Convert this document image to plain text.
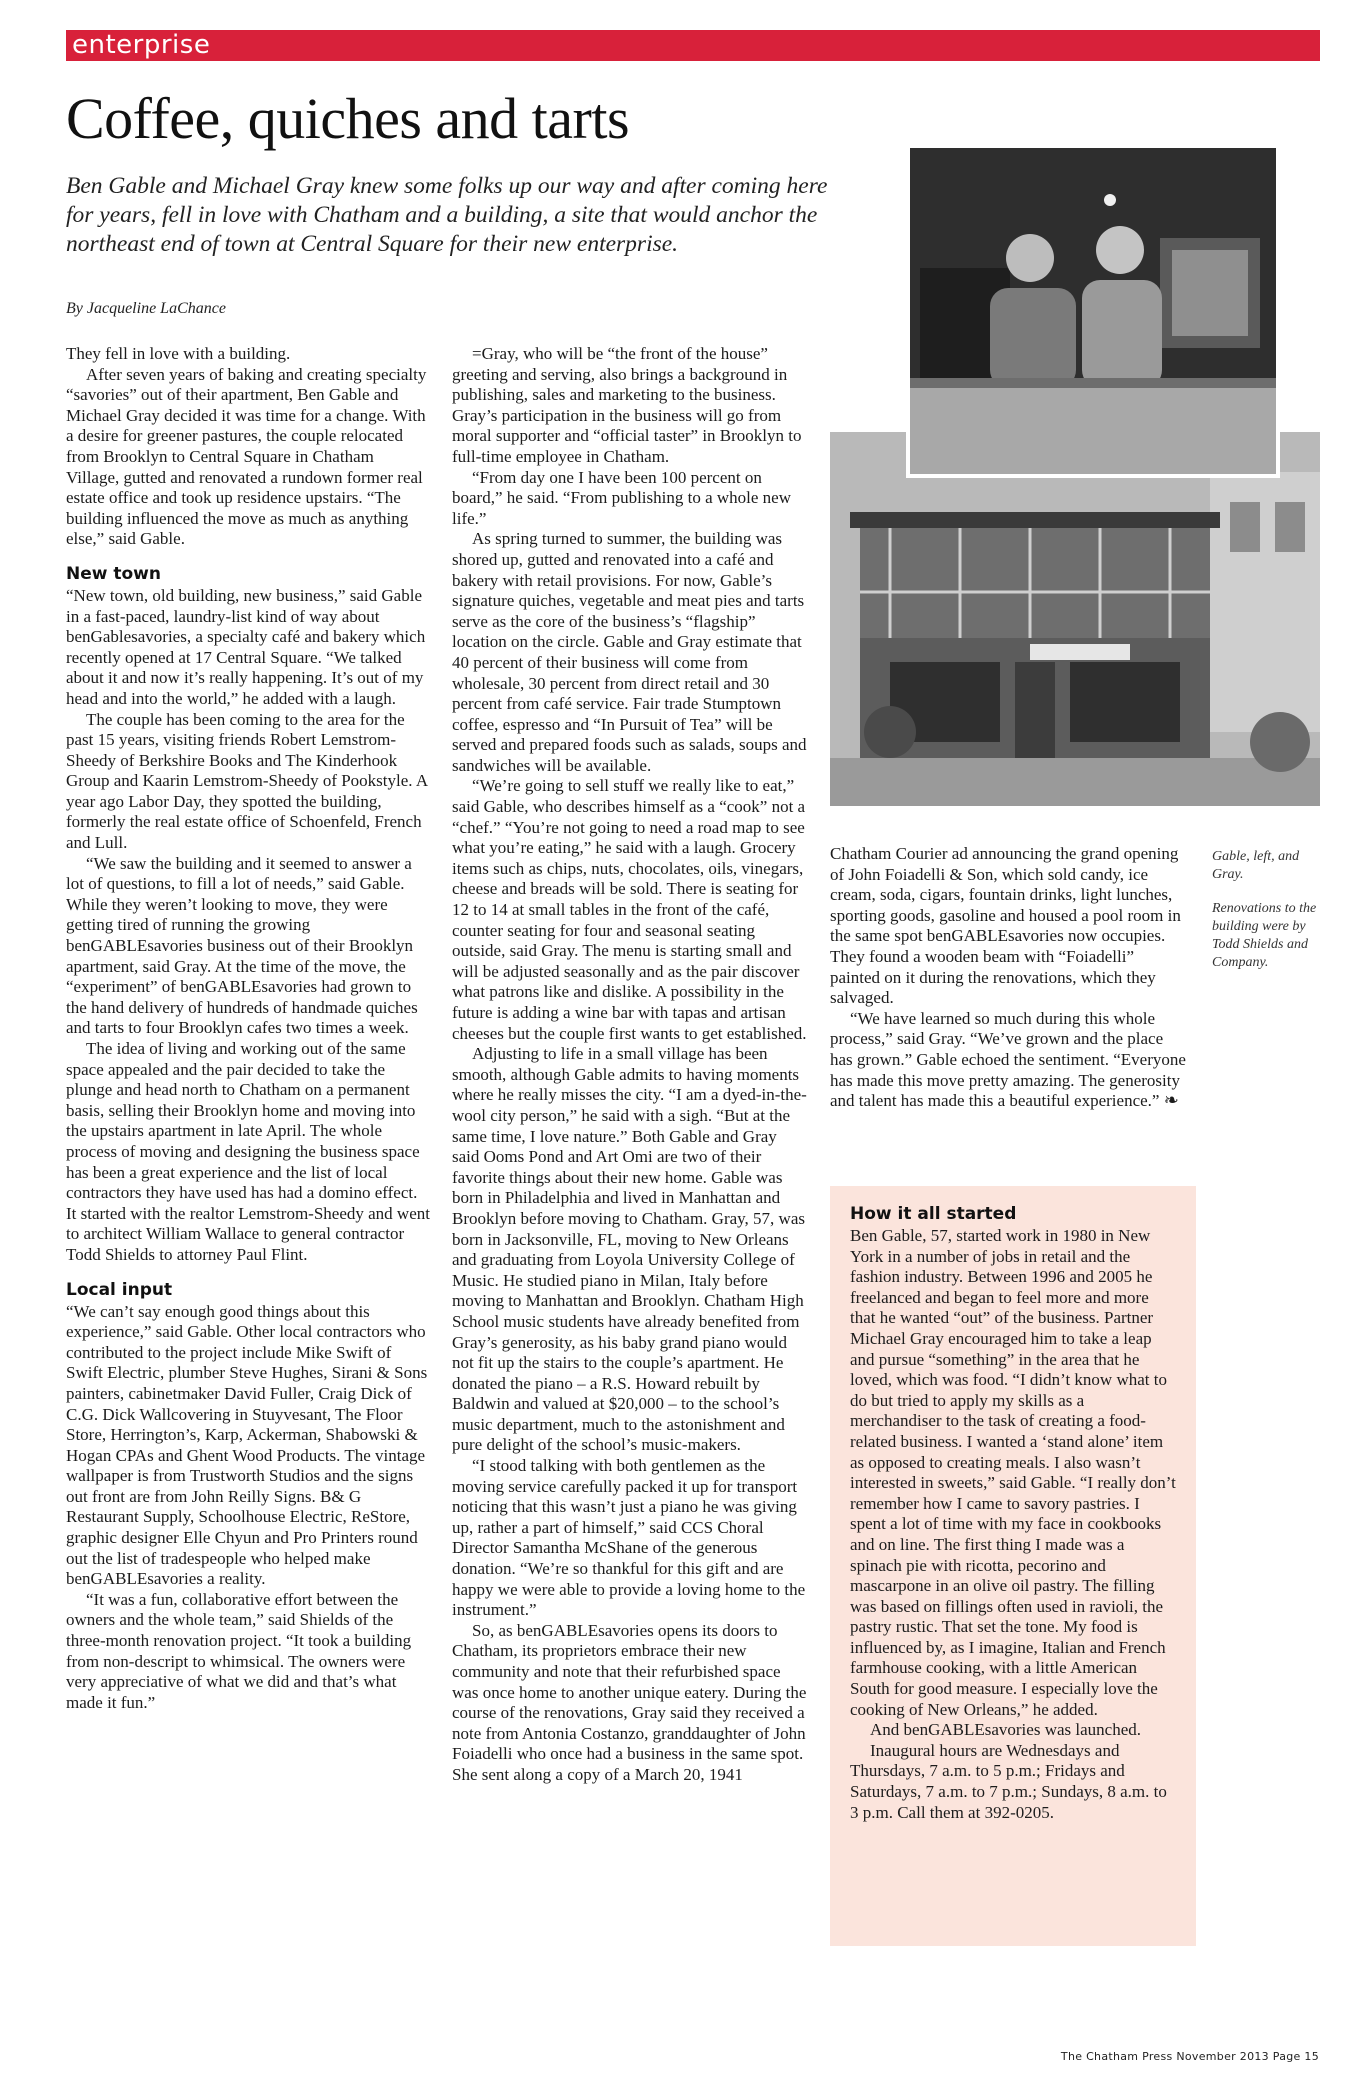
enterprise
Coffee, quiches and tarts

Ben Gable and Michael Gray knew some folks up our way and after coming here for years, fell in love with Chatham and a building, a site that would anchor the northeast end of town at Central Square for their new enterprise.

By Jacqueline LaChance

They fell in love with a building.

After seven years of baking and creating specialty “savories” out of their apartment, Ben Gable and Michael Gray decided it was time for a change. With a desire for greener pastures, the couple relocated from Brooklyn to Central Square in Chatham Village, gutted and renovated a rundown former real estate office and took up residence upstairs. “The building influenced the move as much as anything else,” said Gable.

New town

“New town, old building, new business,” said Gable in a fast-paced, laundry-list kind of way about benGablesavories, a specialty café and bakery which recently opened at 17 Central Square. “We talked about it and now it’s really happening. It’s out of my head and into the world,” he added with a laugh.

The couple has been coming to the area for the past 15 years, visiting friends Robert Lemstrom-Sheedy of Berkshire Books and The Kinderhook Group and Kaarin Lemstrom-Sheedy of Pookstyle. A year ago Labor Day, they spotted the building, formerly the real estate office of Schoenfeld, French and Lull.

“We saw the building and it seemed to answer a lot of questions, to fill a lot of needs,” said Gable. While they weren’t looking to move, they were getting tired of running the growing benGABLEsavories business out of their Brooklyn apartment, said Gray. At the time of the move, the “experiment” of benGABLEsavories had grown to the hand delivery of hundreds of handmade quiches and tarts to four Brooklyn cafes two times a week.

The idea of living and working out of the same space appealed and the pair decided to take the plunge and head north to Chatham on a permanent basis, selling their Brooklyn home and moving into the upstairs apartment in late April. The whole process of moving and designing the business space has been a great experience and the list of local contractors they have used has had a domino effect. It started with the realtor Lemstrom-Sheedy and went to architect William Wallace to general contractor Todd Shields to attorney Paul Flint.

Local input

“We can’t say enough good things about this experience,” said Gable. Other local contractors who contributed to the project include Mike Swift of Swift Electric, plumber Steve Hughes, Sirani & Sons painters, cabinetmaker David Fuller, Craig Dick of C.G. Dick Wallcovering in Stuyvesant, The Floor Store, Herrington’s, Karp, Ackerman, Shabowski & Hogan CPAs and Ghent Wood Products. The vintage wallpaper is from Trustworth Studios and the signs out front are from John Reilly Signs. B& G Restaurant Supply, Schoolhouse Electric, ReStore, graphic designer Elle Chyun and Pro Printers round out the list of tradespeople who helped make benGABLEsavories a reality.

“It was a fun, collaborative effort between the owners and the whole team,” said Shields of the three-month renovation project. “It took a building from non-descript to whimsical. The owners were very appreciative of what we did and that’s what made it fun.”

=Gray, who will be “the front of the house” greeting and serving, also brings a background in publishing, sales and marketing to the business. Gray’s participation in the business will go from moral supporter and “official taster” in Brooklyn to full-time employee in Chatham.

“From day one I have been 100 percent on board,” he said. “From publishing to a whole new life.”

As spring turned to summer, the building was shored up, gutted and renovated into a café and bakery with retail provisions. For now, Gable’s signature quiches, vegetable and meat pies and tarts serve as the core of the business’s “flagship” location on the circle. Gable and Gray estimate that 40 percent of their business will come from wholesale, 30 percent from direct retail and 30 percent from café service. Fair trade Stumptown coffee, espresso and “In Pursuit of Tea” will be served and prepared foods such as salads, soups and sandwiches will be available.

“We’re going to sell stuff we really like to eat,” said Gable, who describes himself as a “cook” not a “chef.” “You’re not going to need a road map to see what you’re eating,” he said with a laugh. Grocery items such as chips, nuts, chocolates, oils, vinegars, cheese and breads will be sold. There is seating for 12 to 14 at small tables in the front of the café, counter seating for four and seasonal seating outside, said Gray. The menu is starting small and will be adjusted seasonally and as the pair discover what patrons like and dislike. A possibility in the future is adding a wine bar with tapas and artisan cheeses but the couple first wants to get established.

Adjusting to life in a small village has been smooth, although Gable admits to having moments where he really misses the city. “I am a dyed-in-the-wool city person,” he said with a sigh. “But at the same time, I love nature.” Both Gable and Gray said Ooms Pond and Art Omi are two of their favorite things about their new home. Gable was born in Philadelphia and lived in Manhattan and Brooklyn before moving to Chatham. Gray, 57, was born in Jacksonville, FL, moving to New Orleans and graduating from Loyola University College of Music. He studied piano in Milan, Italy before moving to Manhattan and Brooklyn. Chatham High School music students have already benefited from Gray’s generosity, as his baby grand piano would not fit up the stairs to the couple’s apartment. He donated the piano – a R.S. Howard rebuilt by Baldwin and valued at $20,000 – to the school’s music department, much to the astonishment and pure delight of the school’s music-makers.

“I stood talking with both gentlemen as the moving service carefully packed it up for transport noticing that this wasn’t just a piano he was giving up, rather a part of himself,” said CCS Choral Director Samantha McShane of the generous donation. “We’re so thankful for this gift and are happy we were able to provide a loving home to the instrument.”

So, as benGABLEsavories opens its doors to Chatham, its proprietors embrace their new community and note that their refurbished space was once home to another unique eatery. During the course of the renovations, Gray said they received a note from Antonia Costanzo, granddaughter of John Foiadelli who once had a business in the same spot. She sent along a copy of a March 20, 1941

Chatham Courier ad announcing the grand opening of John Foiadelli & Son, which sold candy, ice cream, soda, cigars, fountain drinks, light lunches, sporting goods, gasoline and housed a pool room in the same spot benGABLEsavories now occupies. They found a wooden beam with “Foiadelli” painted on it during the renovations, which they salvaged.

“We have learned so much during this whole process,” said Gray. “We’ve grown and the place has grown.” Gable echoed the sentiment. “Everyone has made this move pretty amazing. The generosity and talent has made this a beautiful experience.” ❧

Gable, left, and Gray.

Renovations to the building were by Todd Shields and Company.

How it all started

Ben Gable, 57, started work in 1980 in New York in a number of jobs in retail and the fashion industry. Between 1996 and 2005 he freelanced and began to feel more and more that he wanted “out” of the business. Partner Michael Gray encouraged him to take a leap and pursue “something” in the area that he loved, which was food. “I didn’t know what to do but tried to apply my skills as a merchandiser to the task of creating a food-related business. I wanted a ‘stand alone’ item as opposed to creating meals. I also wasn’t interested in sweets,” said Gable. “I really don’t remember how I came to savory pastries. I spent a lot of time with my face in cookbooks and on line. The first thing I made was a spinach pie with ricotta, pecorino and mascarpone in an olive oil pastry. The filling was based on fillings often used in ravioli, the pastry rustic. That set the tone. My food is influenced by, as I imagine, Italian and French farmhouse cooking, with a little American South for good measure. I especially love the cooking of New Orleans,” he added.

And benGABLEsavories was launched.

Inaugural hours are Wednesdays and Thursdays, 7 a.m. to 5 p.m.; Fridays and Saturdays, 7 a.m. to 7 p.m.; Sundays, 8 a.m. to 3 p.m. Call them at 392-0205.

The Chatham Press November 2013 Page 15
